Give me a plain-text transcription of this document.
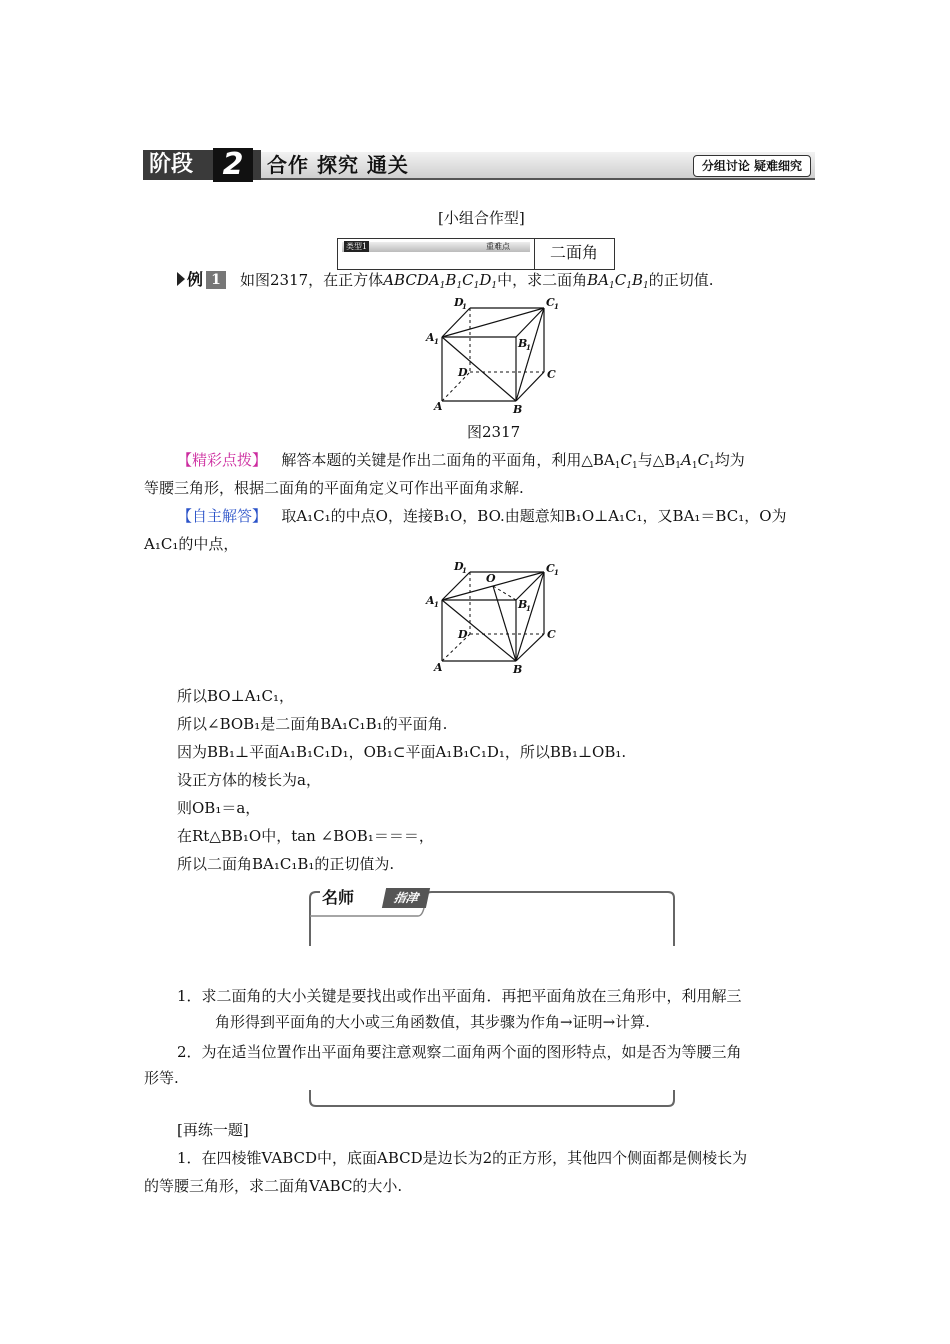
阶段 2	合作 探究 通关	分组讨论 疑难细究
[小组合作型]
类型1	重难点	二面角
例 1	如图2317，在正方体$ABCDA_1B_1C_1D_1$中，求二面角$BA_1C_1B_1$的正切值.
D
1	C 1
A 1	B
1
D	C
A	B
图2317
【精彩点拨】 解答本题的关键是作出二面角的平面角，利用$\triangle BA_1C_1$与$\triangle B_1A_1C_1$均为
等腰三角形，根据二面角的平面角定义可作出平面角求解.
【自主解答】 取A₁C₁的中点O，连接B₁O，BO.由题意知B₁O⊥A₁C₁，又BA₁＝BC₁，O为
A₁C₁的中点，
D
1
O
C 1
A 1	B
1
D	C
A	B
所以BO⊥A₁C₁，
所以∠BOB₁是二面角BA₁C₁B₁的平面角.
因为BB₁⊥平面A₁B₁C₁D₁，OB₁⊂平面A₁B₁C₁D₁，所以BB₁⊥OB₁.
设正方体的棱长为a，
则OB₁＝a，
在Rt△BB₁O中，tan ∠BOB₁＝＝＝，
所以二面角BA₁C₁B₁的正切值为.
名师	指津
1．求二面角的大小关键是要找出或作出平面角．再把平面角放在三角形中，利用解三
角形得到平面角的大小或三角函数值，其步骤为作角→证明→计算.
2．为在适当位置作出平面角要注意观察二面角两个面的图形特点，如是否为等腰三角
形等.
[再练一题]
1．在四棱锥VABCD中，底面ABCD是边长为2的正方形，其他四个侧面都是侧棱长为
的等腰三角形，求二面角VABC的大小.
